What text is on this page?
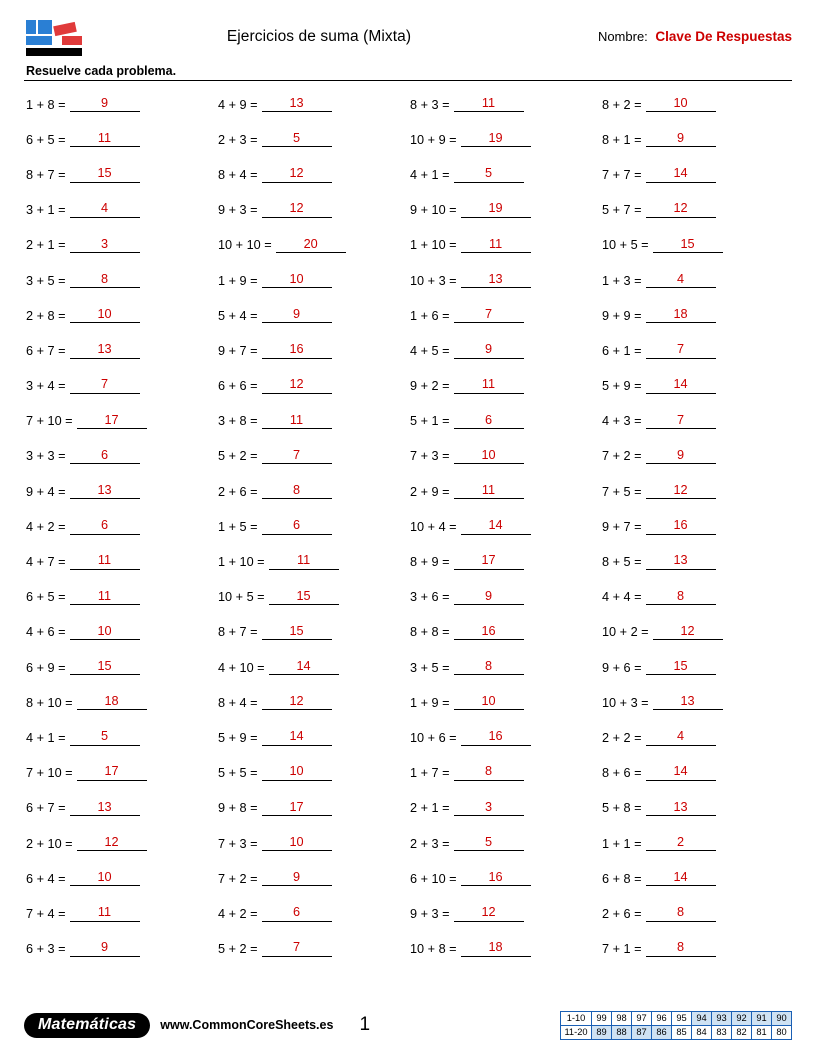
Ejercicios de suma (Mixta)	Nombre: Clave De Respuestas
Resuelve cada problema.
1 + 8 =	9	4 + 9 =	13	8 + 3 =	11	8 + 2 =	10
6 + 5 =	11	2 + 3 =	5	10 + 9 =	19	8 + 1 =	9
8 + 7 =	15	8 + 4 =	12	4 + 1 =	5	7 + 7 =	14
3 + 1 =	4	9 + 3 =	12	9 + 10 =	19	5 + 7 =	12
2 + 1 =	3	10 + 10 =	20	1 + 10 =	11	10 + 5 =	15
3 + 5 =	8	1 + 9 =	10	10 + 3 =	13	1 + 3 =	4
2 + 8 =	10	5 + 4 =	9	1 + 6 =	7	9 + 9 =	18
6 + 7 =	13	9 + 7 =	16	4 + 5 =	9	6 + 1 =	7
3 + 4 =	7	6 + 6 =	12	9 + 2 =	11	5 + 9 =	14
7 + 10 =	17	3 + 8 =	11	5 + 1 =	6	4 + 3 =	7
3 + 3 =	6	5 + 2 =	7	7 + 3 =	10	7 + 2 =	9
9 + 4 =	13	2 + 6 =	8	2 + 9 =	11	7 + 5 =	12
4 + 2 =	6	1 + 5 =	6	10 + 4 =	14	9 + 7 =	16
4 + 7 =	11	1 + 10 =	11	8 + 9 =	17	8 + 5 =	13
6 + 5 =	11	10 + 5 =	15	3 + 6 =	9	4 + 4 =	8
4 + 6 =	10	8 + 7 =	15	8 + 8 =	16	10 + 2 =	12
6 + 9 =	15	4 + 10 =	14	3 + 5 =	8	9 + 6 =	15
8 + 10 =	18	8 + 4 =	12	1 + 9 =	10	10 + 3 =	13
4 + 1 =	5	5 + 9 =	14	10 + 6 =	16	2 + 2 =	4
7 + 10 =	17	5 + 5 =	10	1 + 7 =	8	8 + 6 =	14
6 + 7 =	13	9 + 8 =	17	2 + 1 =	3	5 + 8 =	13
2 + 10 =	12	7 + 3 =	10	2 + 3 =	5	1 + 1 =	2
6 + 4 =	10	7 + 2 =	9	6 + 10 =	16	6 + 8 =	14
7 + 4 =	11	4 + 2 =	6	9 + 3 =	12	2 + 6 =	8
6 + 3 =	9	5 + 2 =	7	10 + 8 =	18	7 + 1 =	8
Matemáticas	www.CommonCoreSheets.es 1	1-10	99	98	97	96	95	94	93	92	91	90
11-20	89	88	87	86	85	84	83	82	81	80
